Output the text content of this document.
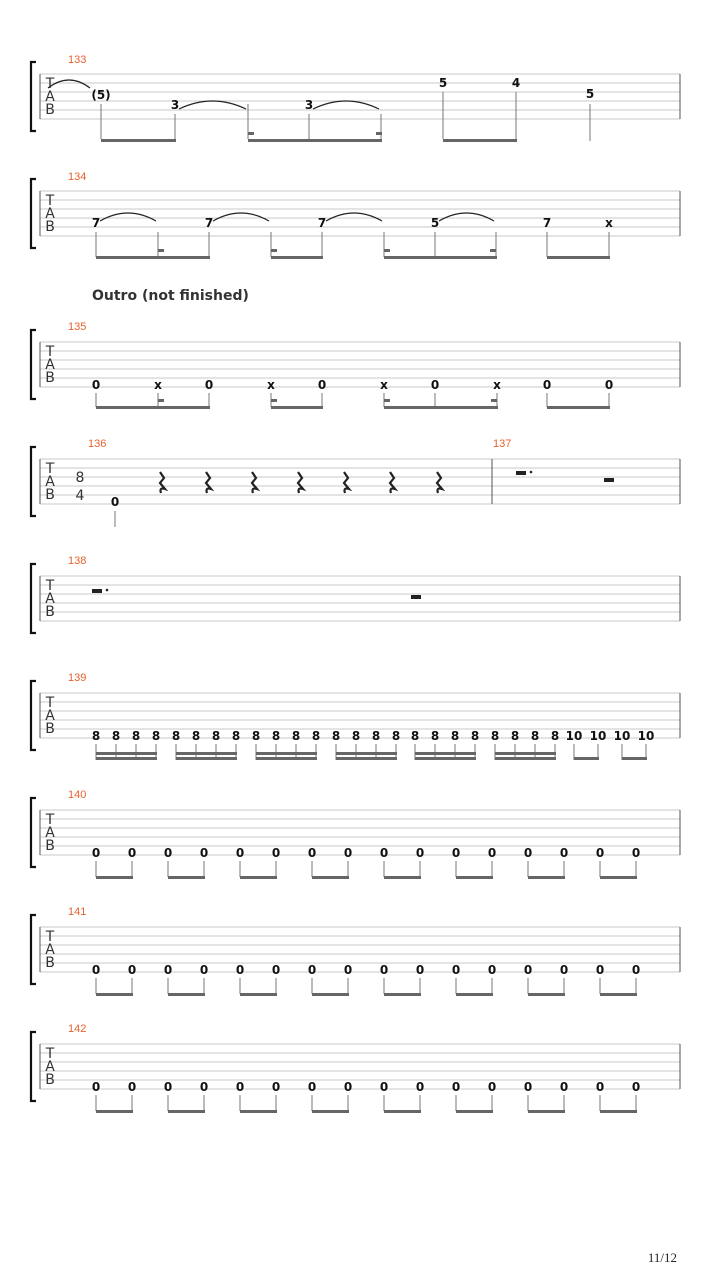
T
A
B
133
(5)
3	3
5	4
5
T
A
B
134
7	7	7	5	7	x
T
A
B
135
0	x	0	x	0	x	0	x	0	0
T
A
B
136	137
8
4 0
T
A
B
138
T
A
B
139
8 8 8 8 8 8 8 8 8 8 8 8 8 8 8 8 8 8 8 8 8 8 8 8 10 10 10 10
T
A
B
140
0 0 0 0 0 0 0 0 0 0 0 0 0 0 0 0
T
A
B
141
0 0 0 0 0 0 0 0 0 0 0 0 0 0 0 0
T
A
B
142
0 0 0 0 0 0 0 0 0 0 0 0 0 0 0 0
Outro (not finished)
11/12
